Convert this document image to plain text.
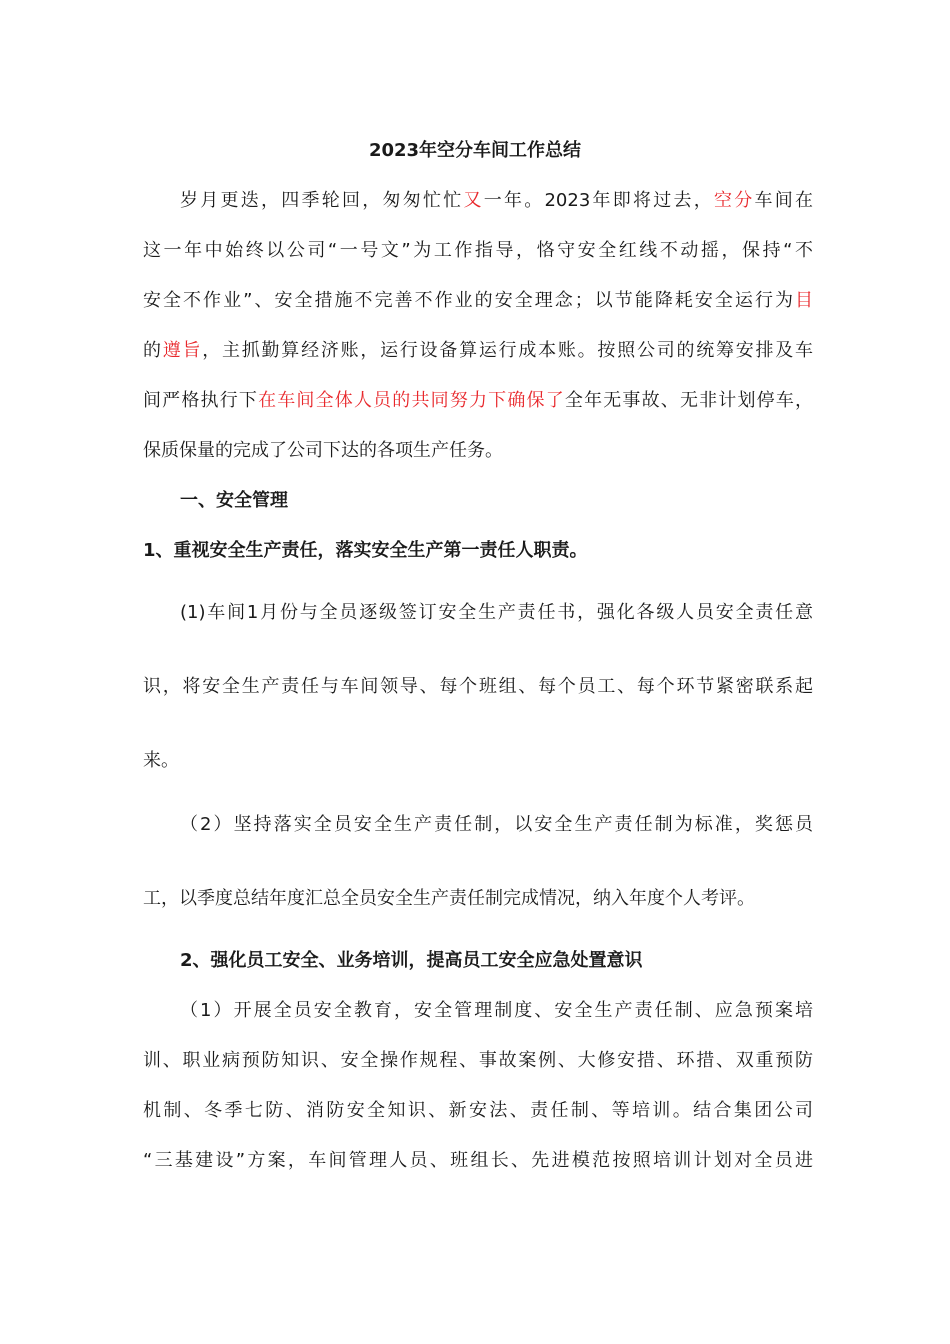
2023年空分车间工作总结
岁月更迭，四季轮回，匆匆忙忙又一年。2023年即将过去，空分车间在
这一年中始终以公司“一号文”为工作指导，恪守安全红线不动摇，保持“不
安全不作业”、安全措施不完善不作业的安全理念；以节能降耗安全运行为目
的遵旨，主抓勤算经济账，运行设备算运行成本账。按照公司的统筹安排及车
间严格执行下在车间全体人员的共同努力下确保了全年无事故、无非计划停车，
保质保量的完成了公司下达的各项生产任务。
一、安全管理
1、重视安全生产责任，落实安全生产第一责任人职责。
(1)车间1月份与全员逐级签订安全生产责任书，强化各级人员安全责任意
识，将安全生产责任与车间领导、每个班组、每个员工、每个环节紧密联系起
来。
（2）坚持落实全员安全生产责任制，以安全生产责任制为标准，奖惩员
工，以季度总结年度汇总全员安全生产责任制完成情况，纳入年度个人考评。
2、强化员工安全、业务培训，提高员工安全应急处置意识
（1）开展全员安全教育，安全管理制度、安全生产责任制、应急预案培
训、职业病预防知识、安全操作规程、事故案例、大修安措、环措、双重预防
机制、冬季七防、消防安全知识、新安法、责任制、等培训。结合集团公司
“三基建设”方案，车间管理人员、班组长、先进模范按照培训计划对全员进
